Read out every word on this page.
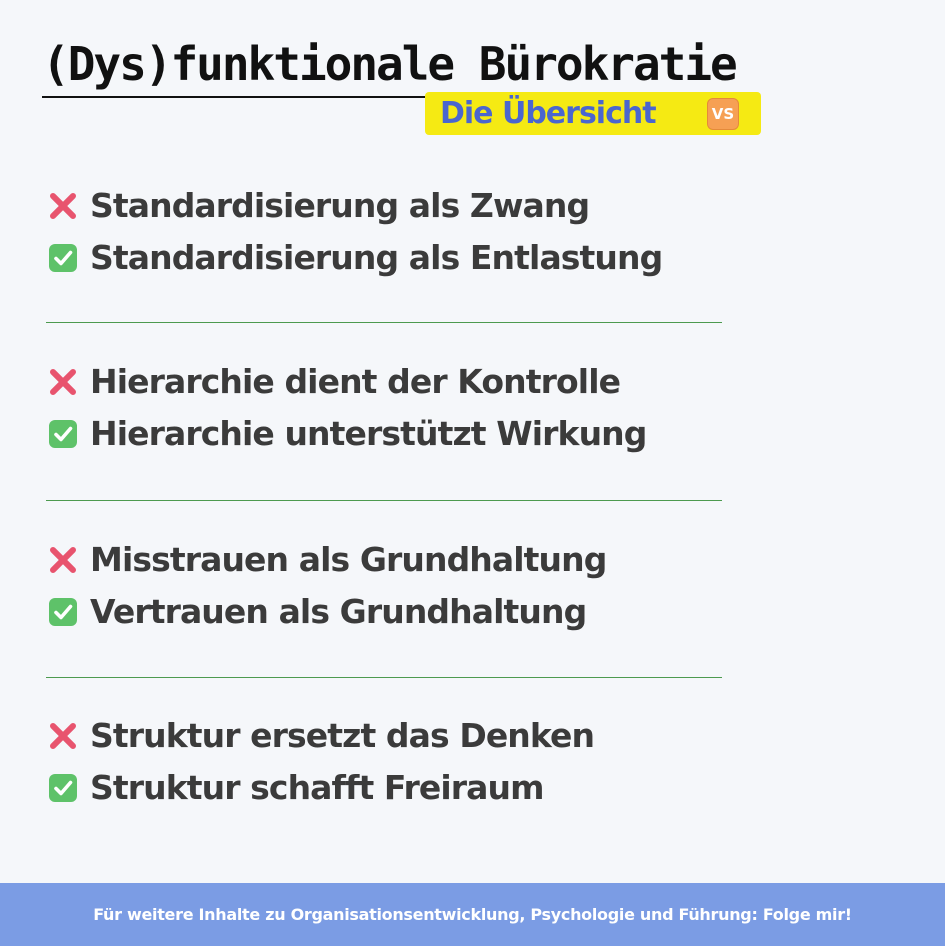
(Dys)funktionale Bürokratie
Die Übersicht	VS
Standardisierung als Zwang
Standardisierung als Entlastung
Hierarchie dient der Kontrolle
Hierarchie unterstützt Wirkung
Misstrauen als Grundhaltung
Vertrauen als Grundhaltung
Struktur ersetzt das Denken
Struktur schafft Freiraum
Für weitere Inhalte zu Organisationsentwicklung, Psychologie und Führung: Folge mir!
